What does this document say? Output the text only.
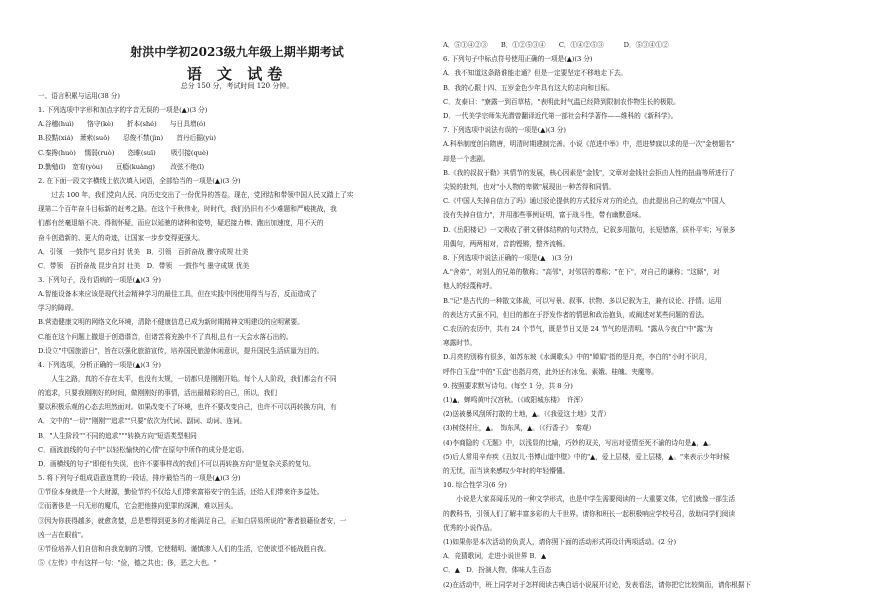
射洪中学初2023级九年级上期半期考试
语 文 试卷
总分 150 分，考试时间 120 分钟。
一、语言积累与运用(38 分)
1. 下列选项中字形和加点字的字音无误的一项是(▲)(3 分)
A.谷穗(huì)　　恪守(kè)　　折本(shé)　　与日具增(ó)
B.狡黠(xiá)　萧索(suǒ)　　忍俊不禁(jìn)　　首丹后掘(yù)
C.秦搀(huò)　 懦弱(ruò)　　恣睢(suī)　　 吸引接(què)
D.勤勉(ǐ)　宽宥(yòu)　　亘瘾(kuàng)　　 改弦不绝(ǐ)
2. 在下面一段文字横线上依次填入词语，全部恰当的一项是(▲)(3 分)
　　过去 100 年，我们党向人民、向历史交出了一份优异的答卷。现在，党团结和带领中国人民又踏上了实
现第二个百年奋斗目标新的赶考之路。在这个千秋伟业，时时代，我们仍旧有不少难题和严峻挑战，我
们都有丝毫退缩不决、得彻怀疑，而应以延驰的诸种和姿势，疑迟接力棒、跑出加速度，用不天的
奋斗创造新的、更大的奇迹，让国家一步步变得更强大。
A．引领　一鼓作气 昆步自封 优美　B．引领　百折奋战 骤守成规 壮美
C．带领　百折奋战 昆步自封 壮美　D．带领　一鼓作气 墨守成规 优美
3. 下列句子，没有语病的一项是(▲)(3 分)
A.智能设备本来应该是现代社会精神学习的最佳工具，但在实践中因使用得当与否，反而造成了
学习的障碍。
B.营造健康文明的网络文化环境，清除不健康信息已成为新时期精神文明建设的应明紧要。
C.能在这个问题上撤退于创造谐音，但诸苦将充换中不了真相,总有一天会水落石出的。
D.设立"中国旅游日"，旨在以强化旅游宣传，培养国民旅游休闲意识，提升国民生活质量为目的。
4. 下列选项，分析正确的一项是(▲)(3 分)
　　人生之路，真的不存在太平，也没有太规，一切都只是刚刚开始。每个人人阶段，我们都会有不同
的追求，只要我刚刚好的时间，做刚刚好的事情，活出最精彩的自己，所以，我们
要以积极乐观的心态去坦然面对。如果改变不了环境，也许不要改变自己，也许不可以再转换方向，有
A．文中的"一切""刚刚""追求""只要"依次为代词、副词、动词、连词。
B．"人生阶段""不同的追求"""转换方向"短语类型相同
C．画波浪线的句子中"以轻松愉快的心情"在原句中所作的成分是定语。
D．画横线的句子"即便有失误，也许不要事样改的我们不可以再转换方向"是复杂关系的复句。
5. 将下列句子组成语意连贯的一段话，排序最恰当的一项是(▲)(3 分)
①节俭本身就是一个大财源，勤俭节约不仅给人们带来富裕安宁的生活，还给人们带来许多益处。
②而奢侈是一只无形的魔爪，它会把他推向犯罪的深渊，难以回头。
③因为你获得越多，就愈贪婪，总是想得到更多的才能满足自己，正如白居易所说的"奢者狼藉俭者安，一
凶一吉在眼前"。
④节俭培养人们自信和自我克制的习惯，它使精明、谨慎渗入人们的生活，它使欲望不能战胜自我。
⑤《左传》中有这样一句："俭，德之共也；侈，恶之大也。"
A．⑤①④②③　　B．①②⑤③④　　C．①④②⑤③　　　D．⑤③④①②
6. 下列句子中标点符号使用正确的一项是(▲)(3 分)
A．我不知道这条路谁能走通？但是一定要坚定不移地走下去。
B．我的心跟十四、五岁金色少年具有这大的志向和目标。
C．友泰曰："寮露一到百草枯，"表明此时气温已经降到限制农作物生长的极限。
D．一代美学宗师朱光潜曾翻译近代第一部社会科学著作——维科的《新科学》。
7. 下列选项中说法有误的一项是(▲)(3 分)
A.科举制度创自隋唐，明清时期建制完善。小说《范进中举》中，范进梦寐以求的是一次"金榜题名"
却是一个悲剧。
B.《我的叔叔于勒》其情节的发展，核心因素是"金钱"，文章对金钱社会拒由人性的扭曲等所进行了
尖锐的批判，也对"小人物的卑微"展现出一种苦得和同情。
C.《中国人失掉自信力了吗》通过驳论提供的方式驳斥对方的论点，由此提出自己的观点"中国人
没有失掉自信力"，并用那些事例证明，富于战斗性，带有幽默意味。
D.《岳阳楼记》一文吸收了骈文骈体结构的句式特点，记叙多用散句，长短错落，质朴平实；写景多
用偶句，两两相对，音韵铿锵，整齐流畅。
8. 下列选项中说法正确的一项是(▲　)(3 分)
A."舍弟"，对别人的兄弟的敬称；"高邻"，对邻居的尊称；"在下"，对自己的谦称；"这厮"，对
他人的轻蔑称呼。
B."记"是古代的一种散文体裁，可以写景、叙事、状物、多以记叙为主，兼有议论、抒情。运用
的表达方式虽不同，但目的都在于抒发作者的情思和政治抱负，或阐述对某些问题的看法。
C.农历的农历中，共有 24 个节气，既是节日又是 24 节气的是清明。"露从今夜白"中"露"为
寒露时节。
D.月亮的别称有很多，如苏东坡《水调歌头》中的"婵娟"指的是月亮，李白的"小时不识月，
呼作白玉盘"中的"玉盘"也指月亮，此外还有冰兔、素娥、桂魄、夹魔等。
9. 按照要求默写诗句。(每空 1 分，共 8 分)
(1)▲，蝉鸣黄叶汉宫秋。（《咸阳城东楼》　许浑）
(2)送被暴风刮所打散的土地，▲。（《我爱这土地》艾青）
(3)树绕村庄，▲。　饰东风，▲。（《行香子》　秦观）
(4)李商隐的《无题》中，以浅显的比喻，巧妙的双关，写出对爱情至死不渝的诗句是▲，▲。
(5)后人常用辛弃疾《丑奴儿·书博山道中壁》中的"▲，爱上层楼，爱上层楼，▲。"来表示少年时候
的无忧，而当读来感叹少年时的年轻懵懂。
10. 综合性学习(6 分)
　　小说是大家喜闻乐见的一种文学形式，也是中学生需要阅读的一大重要文体，它们就像一部生活
的教科书，引领人们了解丰富多彩的大千世界。请你和班长一起积极响应学校号召，放助同学们阅读
优秀的小说作品。
(1)如果你是本次活动的负责人，请你照下面的活动形式再设计两项活动。(2 分)
A．竞猜歌词，走进小说世界 B．▲
C．▲　D．扮演人物，体味人生百态
(2)在活动中，班上同学对于怎样阅读古典白话小说展开讨论，发表看法，请你把它比较简而，请你根据下
